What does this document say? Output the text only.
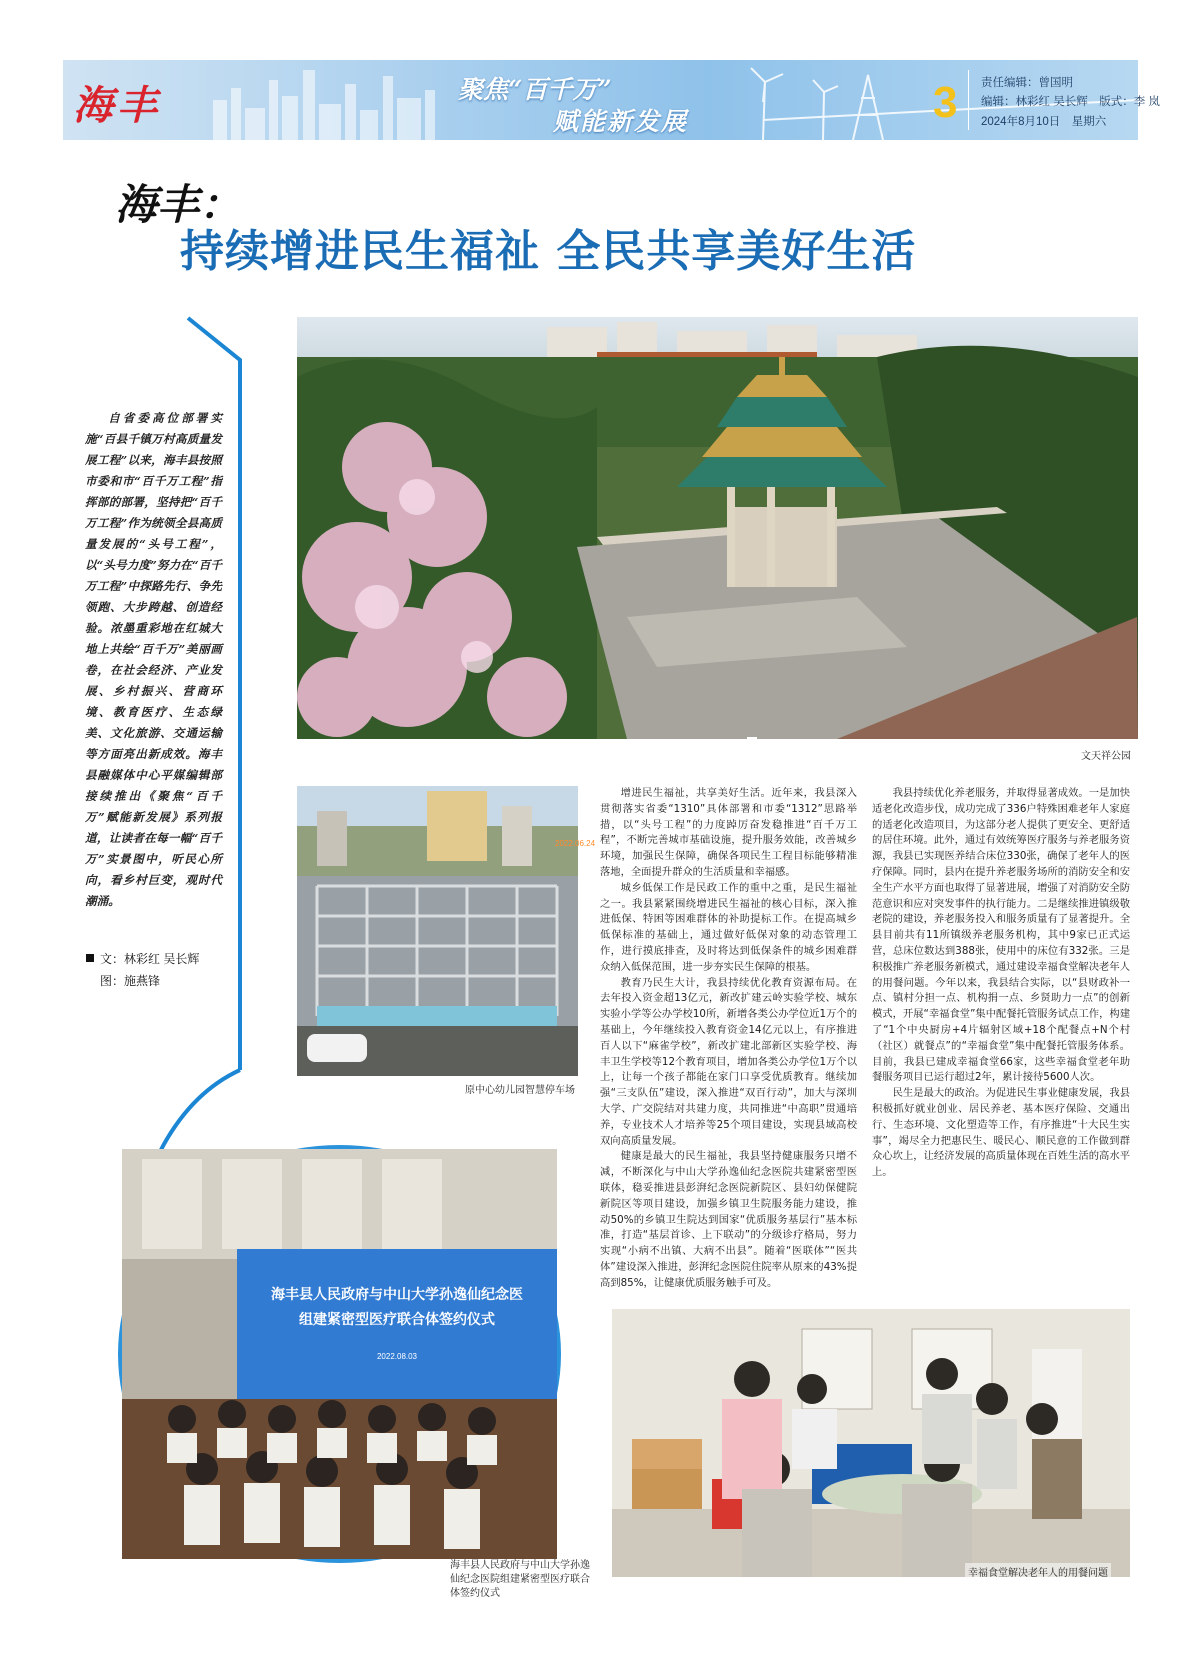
海丰	聚焦“百千万”
赋能新发展	3 责任编辑：曾国明
编辑：林彩红 吴长辉　版式：李 岚
2024年8月10日　星期六
海丰：
持续增进民生福祉 全民共享美好生活
自省委高位部署实施“百县千镇万村高质量发展工程”以来，海丰县按照市委和市“百千万工程”指挥部的部署，坚持把“百千万工程”作为统领全县高质量发展的“头号工程”，以“头号力度”努力在“百千万工程”中探路先行、争先领跑、大步跨越、创造经验。浓墨重彩地在红城大地上共绘“百千万”美丽画卷，在社会经济、产业发展、乡村振兴、营商环境、教育医疗、生态绿美、文化旅游、交通运输等方面亮出新成效。海丰县融媒体中心平媒编辑部接续推出《聚焦“百千万”赋能新发展》系列报道，让读者在每一幅“百千万”实景图中，听民心所向，看乡村巨变，观时代潮涌。
文：林彩红 吴长辉
图：施燕锋
文天祥公园
2022.06.24
原中心幼儿园智慧停车场

增进民生福祉，共享美好生活。近年来，我县深入贯彻落实省委“1310”具体部署和市委“1312”思路举措，以“头号工程”的力度踔厉奋发稳推进“百千万工程”，不断完善城市基础设施，提升服务效能，改善城乡环境，加强民生保障，确保各项民生工程目标能够精准落地，全面提升群众的生活质量和幸福感。

城乡低保工作是民政工作的重中之重，是民生福祉之一。我县紧紧围绕增进民生福祉的核心目标，深入推进低保、特困等困难群体的补助提标工作。在提高城乡低保标准的基础上，通过做好低保对象的动态管理工作，进行摸底排查，及时将达到低保条件的城乡困难群众纳入低保范围，进一步夯实民生保障的根基。

教育乃民生大计，我县持续优化教育资源布局。在去年投入资金超13亿元，新改扩建云岭实验学校、城东实验小学等公办学校10所，新增各类公办学位近1万个的基础上，今年继续投入教育资金14亿元以上，有序推进百人以下“麻雀学校”，新改扩建北部新区实验学校、海丰卫生学校等12个教育项目，增加各类公办学位1万个以上，让每一个孩子都能在家门口享受优质教育。继续加强“三支队伍”建设，深入推进“双百行动”，加大与深圳大学、广交院结对共建力度，共同推进“中高职”贯通培养，专业技术人才培养等25个项目建设，实现县域高校双向高质量发展。

健康是最大的民生福祉，我县坚持健康服务只增不减，不断深化与中山大学孙逸仙纪念医院共建紧密型医联体，稳妥推进县彭湃纪念医院新院区、县妇幼保健院新院区等项目建设，加强乡镇卫生院服务能力建设，推动50%的乡镇卫生院达到国家“优质服务基层行”基本标准，打造“基层首诊、上下联动”的分级诊疗格局，努力实现“小病不出镇、大病不出县”。随着“医联体”“医共体”建设深入推进，彭湃纪念医院住院率从原来的43%提高到85%，让健康优质服务触手可及。

我县持续优化养老服务，并取得显著成效。一是加快适老化改造步伐，成功完成了336户特殊困难老年人家庭的适老化改造项目，为这部分老人提供了更安全、更舒适的居住环境。此外，通过有效统筹医疗服务与养老服务资源，我县已实现医养结合床位330张，确保了老年人的医疗保障。同时，县内在提升养老服务场所的消防安全和安全生产水平方面也取得了显著进展，增强了对消防安全防范意识和应对突发事件的执行能力。二是继续推进镇级敬老院的建设，养老服务投入和服务质量有了显著提升。全县目前共有11所镇级养老服务机构，其中9家已正式运营，总床位数达到388张，使用中的床位有332张。三是积极推广养老服务新模式，通过建设幸福食堂解决老年人的用餐问题。今年以来，我县结合实际，以“县财政补一点、镇村分担一点、机构捐一点、乡贤助力一点”的创新模式，开展“幸福食堂”集中配餐托管服务试点工作，构建了“1个中央厨房+4片辐射区域+18个配餐点+N个村（社区）就餐点”的“幸福食堂”集中配餐托管服务体系。目前，我县已建成幸福食堂66家，这些幸福食堂老年助餐服务项目已运行超过2年，累计接待5600人次。

民生是最大的政治。为促进民生事业健康发展，我县积极抓好就业创业、居民养老、基本医疗保险、交通出行、生态环境、文化塑造等工作，有序推进“十大民生实事”，竭尽全力把惠民生、暖民心、顺民意的工作做到群众心坎上，让经济发展的高质量体现在百姓生活的高水平上。

海丰县人民政府与中山大学孙逸仙纪念医
组建紧密型医疗联合体签约仪式
2022.08.03
海丰县人民政府与中山大学孙逸仙纪念医院组建紧密型医疗联合体签约仪式
幸福食堂解决老年人的用餐问题
